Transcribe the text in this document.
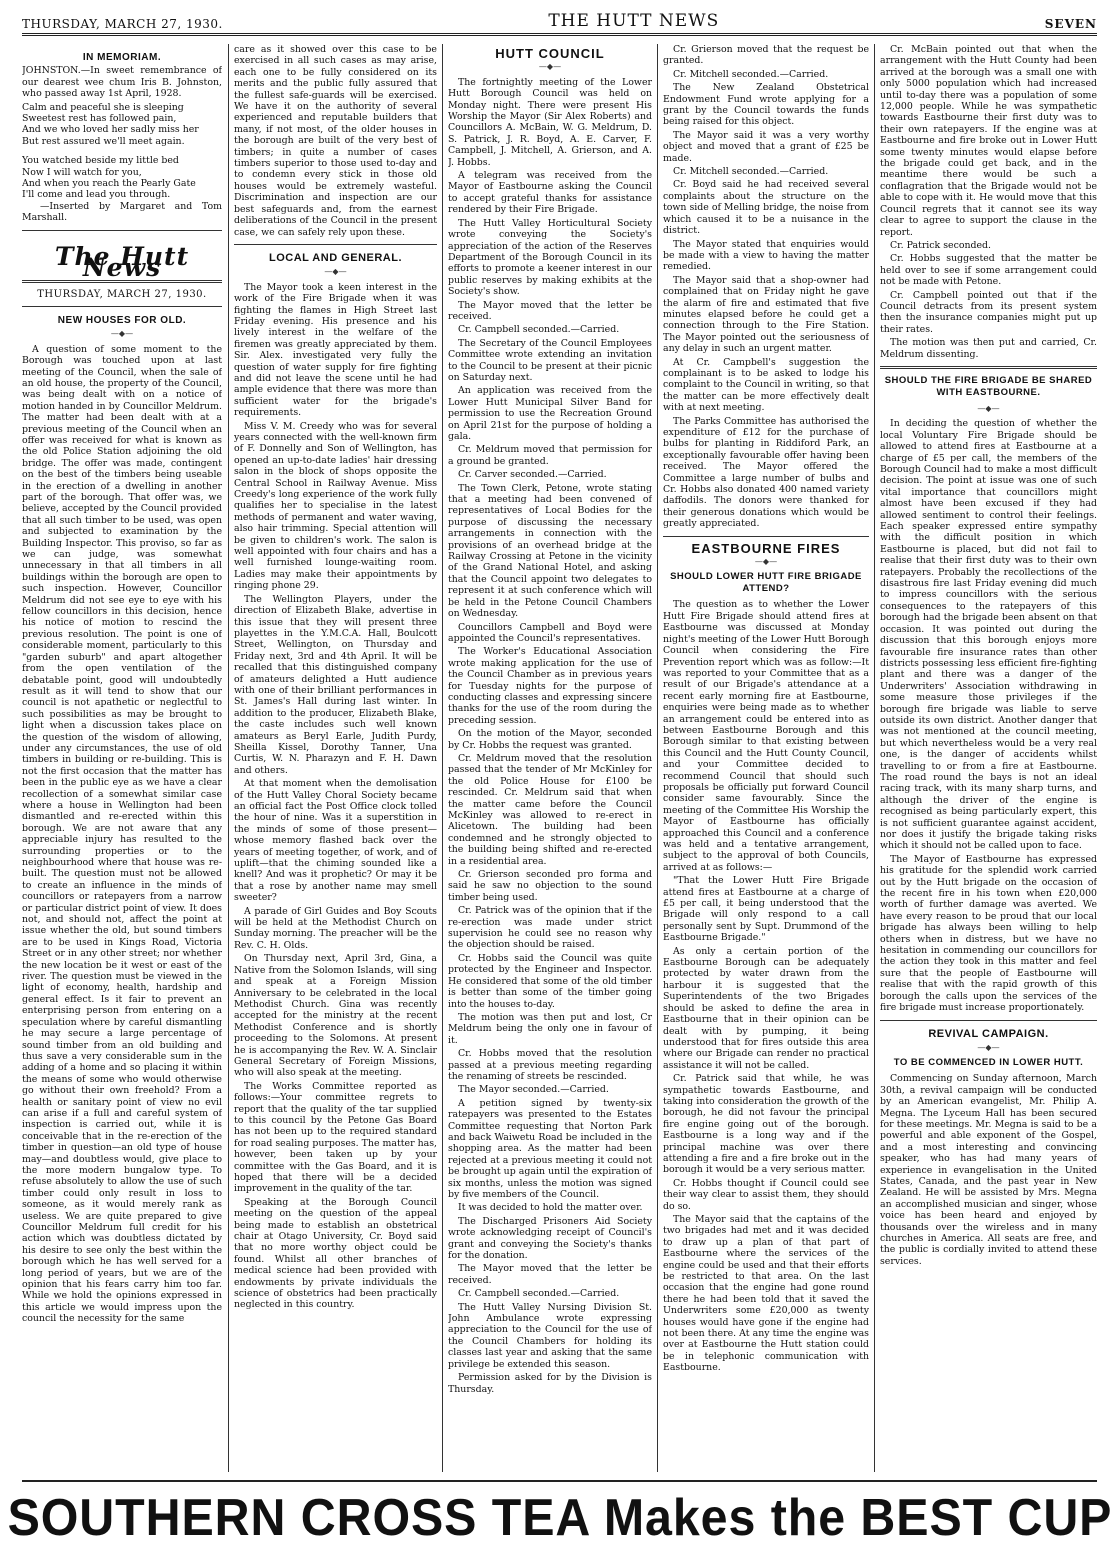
THURSDAY, MARCH 27, 1930.	THE HUTT NEWS	SEVEN
IN MEMORIAM.

JOHNSTON.—In sweet remembrance of our dearest wee chum Iris B. Johnston, who passed away 1st April, 1928.

Calm and peaceful she is sleeping

Sweetest rest has followed pain,

And we who loved her sadly miss her

But rest assured we'll meet again.

You watched beside my little bed

Now I will watch for you,

And when you reach the Pearly Gate

I'll come and lead you through.

—Inserted by Margaret and Tom Marshall.

The Hutt News
THURSDAY, MARCH 27, 1930.
NEW HOUSES FOR OLD.
—◆—

A question of some moment to the Borough was touched upon at last meeting of the Council, when the sale of an old house, the property of the Council, was being dealt with on a notice of motion handed in by Councillor Meldrum. The matter had been dealt with at a previous meeting of the Council when an offer was received for what is known as the old Police Station adjoining the old bridge. The offer was made, contingent on the best of the timbers being useable in the erection of a dwelling in another part of the borough. That offer was, we believe, accepted by the Council provided that all such timber to be used, was open and subjected to examination by the Building Inspector. This proviso, so far as we can judge, was somewhat unnecessary in that all timbers in all buildings within the borough are open to such inspection. However, Councillor Meldrum did not see eye to eye with his fellow councillors in this decision, hence his notice of motion to rescind the previous resolution. The point is one of considerable moment, particularly to this "garden suburb" and apart altogether from the open ventilation of the debatable point, good will undoubtedly result as it will tend to show that our council is not apathetic or neglectful to such possibilities as may be brought to light when a discussion takes place on the question of the wisdom of allowing, under any circumstances, the use of old timbers in building or re-building. This is not the first occasion that the matter has been in the public eye as we have a clear recollection of a somewhat similar case where a house in Wellington had been dismantled and re-erected within this borough. We are not aware that any appreciable injury has resulted to the surrounding properties or to the neighbourhood where that house was re-built. The question must not be allowed to create an influence in the minds of councillors or ratepayers from a narrow or particular district point of view. It does not, and should not, affect the point at issue whether the old, but sound timbers are to be used in Kings Road, Victoria Street or in any other street; nor whether the new location be it west or east of the river. The question must be viewed in the light of economy, health, hardship and general effect. Is it fair to prevent an enterprising person from entering on a speculation where by careful dismantling he may secure a large percentage of sound timber from an old building and thus save a very considerable sum in the adding of a home and so placing it within the means of some who would otherwise go without their own freehold? From a health or sanitary point of view no evil can arise if a full and careful system of inspection is carried out, while it is conceivable that in the re-erection of the timber in question—an old type of house may—and doubtless would, give place to the more modern bungalow type. To refuse absolutely to allow the use of such timber could only result in loss to someone, as it would merely rank as useless. We are quite prepared to give Councillor Meldrum full credit for his action which was doubtless dictated by his desire to see only the best within the borough which he has well served for a long period of years, but we are of the opinion that his fears carry him too far. While we hold the opinions expressed in this article we would impress upon the council the necessity for the same

care as it showed over this case to be exercised in all such cases as may arise, each one to be fully considered on its merits and the public fully assured that the fullest safe-guards will be exercised. We have it on the authority of several experienced and reputable builders that many, if not most, of the older houses in the borough are built of the very best of timbers; in quite a number of cases timbers superior to those used to-day and to condemn every stick in those old houses would be extremely wasteful. Discrimination and inspection are our best safeguards and, from the earnest deliberations of the Council in the present case, we can safely rely upon these.

LOCAL AND GENERAL.
—◆—

The Mayor took a keen interest in the work of the Fire Brigade when it was fighting the flames in High Street last Friday evening. His presence and his lively interest in the welfare of the firemen was greatly appreciated by them. Sir. Alex. investigated very fully the question of water supply for fire fighting and did not leave the scene until he had ample evidence that there was more than sufficient water for the brigade's requirements.

Miss V. M. Creedy who was for several years connected with the well-known firm of F. Donnelly and Son of Wellington, has opened an up-to-date ladies' hair dressing salon in the block of shops opposite the Central School in Railway Avenue. Miss Creedy's long experience of the work fully qualifies her to specialise in the latest methods of permanent and water waving, also hair trimming. Special attention will be given to children's work. The salon is well appointed with four chairs and has a well furnished lounge-waiting room. Ladies may make their appointments by ringing phone 29.

The Wellington Players, under the direction of Elizabeth Blake, advertise in this issue that they will present three playettes in the Y.M.C.A. Hall, Boulcott Street, Wellington, on Thursday and Friday next, 3rd and 4th April. It will be recalled that this distinguished company of amateurs delighted a Hutt audience with one of their brilliant performances in St. James's Hall during last winter. In addition to the producer, Elizabeth Blake, the caste includes such well known amateurs as Beryl Earle, Judith Purdy, Sheilla Kissel, Dorothy Tanner, Una Curtis, W. N. Pharazyn and F. H. Dawn and others.

At that moment when the demolisation of the Hutt Valley Choral Society became an official fact the Post Office clock tolled the hour of nine. Was it a superstition in the minds of some of those present—whose memory flashed back over the years of meeting together, of work, and of uplift—that the chiming sounded like a knell? And was it prophetic? Or may it be that a rose by another name may smell sweeter?

A parade of Girl Guides and Boy Scouts will be held at the Methodist Church on Sunday morning. The preacher will be the Rev. C. H. Olds.

On Thursday next, April 3rd, Gina, a Native from the Solomon Islands, will sing and speak at a Foreign Mission Anniversary to be celebrated in the local Methodist Church. Gina was recently accepted for the ministry at the recent Methodist Conference and is shortly proceeding to the Solomons. At present he is accompanying the Rev. W. A. Sinclair General Secretary of Foreign Missions, who will also speak at the meeting.

The Works Committee reported as follows:—Your committee regrets to report that the quality of the tar supplied to this council by the Petone Gas Board has not been up to the required standard for road sealing purposes. The matter has, however, been taken up by your committee with the Gas Board, and it is hoped that there will be a decided improvement in the quality of the tar.

Speaking at the Borough Council meeting on the question of the appeal being made to establish an obstetrical chair at Otago University, Cr. Boyd said that no more worthy object could be found. Whilst all other branches of medical science had been provided with endowments by private individuals the science of obstetrics had been practically neglected in this country.

HUTT COUNCIL
—◆—

The fortnightly meeting of the Lower Hutt Borough Council was held on Monday night. There were present His Worship the Mayor (Sir Alex Roberts) and Councillors A. McBain, W. G. Meldrum, D. S. Patrick, J. R. Boyd, A. E. Carver, F. Campbell, J. Mitchell, A. Grierson, and A. J. Hobbs.

A telegram was received from the Mayor of Eastbourne asking the Council to accept grateful thanks for assistance rendered by their Fire Brigade.

The Hutt Valley Horticultural Society wrote conveying the Society's appreciation of the action of the Reserves Department of the Borough Council in its efforts to promote a keener interest in our public reserves by making exhibits at the Society's show.

The Mayor moved that the letter be received.

Cr. Campbell seconded.—Carried.

The Secretary of the Council Employees Committee wrote extending an invitation to the Council to be present at their picnic on Saturday next.

An application was received from the Lower Hutt Municipal Silver Band for permission to use the Recreation Ground on April 21st for the purpose of holding a gala.

Cr. Meldrum moved that permission for a ground be granted.

Cr. Carver seconded.—Carried.

The Town Clerk, Petone, wrote stating that a meeting had been convened of representatives of Local Bodies for the purpose of discussing the necessary arrangements in connection with the provisions of an overhead bridge at the Railway Crossing at Petone in the vicinity of the Grand National Hotel, and asking that the Council appoint two delegates to represent it at such conference which will be held in the Petone Council Chambers on Wednesday.

Councillors Campbell and Boyd were appointed the Council's representatives.

The Worker's Educational Association wrote making application for the use of the Council Chamber as in previous years for Tuesday nights for the purpose of conducting classes and expressing sincere thanks for the use of the room during the preceding session.

On the motion of the Mayor, seconded by Cr. Hobbs the request was granted.

Cr. Meldrum moved that the resolution passed that the tender of Mr McKinley for the old Police House for £100 be rescinded. Cr. Meldrum said that when the matter came before the Council McKinley was allowed to re-erect in Alicetown. The building had been condemned and he strongly objected to the building being shifted and re-erected in a residential area.

Cr. Grierson seconded pro forma and said he saw no objection to the sound timber being used.

Cr. Patrick was of the opinion that if the re-erection was made under strict supervision he could see no reason why the objection should be raised.

Cr. Hobbs said the Council was quite protected by the Engineer and Inspector. He considered that some of the old timber is better than some of the timber going into the houses to-day.

The motion was then put and lost, Cr Meldrum being the only one in favour of it.

Cr. Hobbs moved that the resolution passed at a previous meeting regarding the renaming of streets be rescinded.

The Mayor seconded.—Carried.

A petition signed by twenty-six ratepayers was presented to the Estates Committee requesting that Norton Park and back Waiwetu Road be included in the shopping area. As the matter had been rejected at a previous meeting it could not be brought up again until the expiration of six months, unless the motion was signed by five members of the Council.

It was decided to hold the matter over.

The Discharged Prisoners Aid Society wrote acknowledging receipt of Council's grant and conveying the Society's thanks for the donation.

The Mayor moved that the letter be received.

Cr. Campbell seconded.—Carried.

The Hutt Valley Nursing Division St. John Ambulance wrote expressing appreciation to the Council for the use of the Council Chambers for holding its classes last year and asking that the same privilege be extended this season.

Permission asked for by the Division is Thursday.

Cr. Grierson moved that the request be granted.

Cr. Mitchell seconded.—Carried.

The New Zealand Obstetrical Endowment Fund wrote applying for a grant by the Council towards the funds being raised for this object.

The Mayor said it was a very worthy object and moved that a grant of £25 be made.

Cr. Mitchell seconded.—Carried.

Cr. Boyd said he had received several complaints about the structure on the town side of Melling bridge, the noise from which caused it to be a nuisance in the district.

The Mayor stated that enquiries would be made with a view to having the matter remedied.

The Mayor said that a shop-owner had complained that on Friday night he gave the alarm of fire and estimated that five minutes elapsed before he could get a connection through to the Fire Station. The Mayor pointed out the seriousness of any delay in such an urgent matter.

At Cr. Campbell's suggestion the complainant is to be asked to lodge his complaint to the Council in writing, so that the matter can be more effectively dealt with at next meeting.

The Parks Committee has authorised the expenditure of £12 for the purchase of bulbs for planting in Riddiford Park, an exceptionally favourable offer having been received. The Mayor offered the Committee a large number of bulbs and Cr. Hobbs also donated 400 named variety daffodils. The donors were thanked for their generous donations which would be greatly appreciated.

EASTBOURNE FIRES
—◆—
SHOULD LOWER HUTT FIRE BRIGADE ATTEND?

The question as to whether the Lower Hutt Fire Brigade should attend fires at Eastbourne was discussed at Monday night's meeting of the Lower Hutt Borough Council when considering the Fire Prevention report which was as follow:—It was reported to your Committee that as a result of our Brigade's attendance at a recent early morning fire at Eastbourne, enquiries were being made as to whether an arrangement could be entered into as between Eastbourne Borough and this Borough similar to that existing between this Council and the Hutt County Council, and your Committee decided to recommend Council that should such proposals be officially put forward Council consider same favourably. Since the meeting of the Committee His Worship the Mayor of Eastbourne has officially approached this Council and a conference was held and a tentative arrangement, subject to the approval of both Councils, arrived at as follows:—

"That the Lower Hutt Fire Brigade attend fires at Eastbourne at a charge of £5 per call, it being understood that the Brigade will only respond to a call personally sent by Supt. Drummond of the Eastbourne Brigade."

As only a certain portion of the Eastbourne Borough can be adequately protected by water drawn from the harbour it is suggested that the Superintendents of the two Brigades should be asked to define the area in Eastbourne that in their opinion can be dealt with by pumping, it being understood that for fires outside this area where our Brigade can render no practical assistance it will not be called.

Cr. Patrick said that while, he was sympathetic towards Eastbourne, and taking into consideration the growth of the borough, he did not favour the principal fire engine going out of the borough. Eastbourne is a long way and if the principal machine was over there attending a fire and a fire broke out in the borough it would be a very serious matter.

Cr. Hobbs thought if Council could see their way clear to assist them, they should do so.

The Mayor said that the captains of the two brigades had met and it was decided to draw up a plan of that part of Eastbourne where the services of the engine could be used and that their efforts be restricted to that area. On the last occasion that the engine had gone round there he had been told that it saved the Underwriters some £20,000 as twenty houses would have gone if the engine had not been there. At any time the engine was over at Eastbourne the Hutt station could be in telephonic communication with Eastbourne.

Cr. McBain pointed out that when the arrangement with the Hutt County had been arrived at the borough was a small one with only 5000 population which had increased until to-day there was a population of some 12,000 people. While he was sympathetic towards Eastbourne their first duty was to their own ratepayers. If the engine was at Eastbourne and fire broke out in Lower Hutt some twenty minutes would elapse before the brigade could get back, and in the meantime there would be such a conflagration that the Brigade would not be able to cope with it. He would move that this Council regrets that it cannot see its way clear to agree to support the clause in the report.

Cr. Patrick seconded.

Cr. Hobbs suggested that the matter be held over to see if some arrangement could not be made with Petone.

Cr. Campbell pointed out that if the Council detracts from its present system then the insurance companies might put up their rates.

The motion was then put and carried, Cr. Meldrum dissenting.

SHOULD THE FIRE BRIGADE BE SHARED WITH EASTBOURNE.
—◆—

In deciding the question of whether the local Voluntary Fire Brigade should be allowed to attend fires at Eastbourne at a charge of £5 per call, the members of the Borough Council had to make a most difficult decision. The point at issue was one of such vital importance that councillors might almost have been excused if they had allowed sentiment to control their feelings. Each speaker expressed entire sympathy with the difficult position in which Eastbourne is placed, but did not fail to realise that their first duty was to their own ratepayers. Probably the recollections of the disastrous fire last Friday evening did much to impress councillors with the serious consequences to the ratepayers of this borough had the brigade been absent on that occasion. It was pointed out during the discussion that this borough enjoys more favourable fire insurance rates than other districts possessing less efficient fire-fighting plant and there was a danger of the Underwriters' Association withdrawing in some measure those privileges if the borough fire brigade was liable to serve outside its own district. Another danger that was not mentioned at the council meeting, but which nevertheless would be a very real one, is the danger of accidents whilst travelling to or from a fire at Eastbourne. The road round the bays is not an ideal racing track, with its many sharp turns, and although the driver of the engine is recognised as being particularly expert, this is not sufficient guarantee against accident, nor does it justify the brigade taking risks which it should not be called upon to face.

The Mayor of Eastbourne has expressed his gratitude for the splendid work carried out by the Hutt brigade on the occasion of the recent fire in his town when £20,000 worth of further damage was averted. We have every reason to be proud that our local brigade has always been willing to help others when in distress, but we have no hesitation in commending our councillors for the action they took in this matter and feel sure that the people of Eastbourne will realise that with the rapid growth of this borough the calls upon the services of the fire brigade must increase proportionately.

REVIVAL CAMPAIGN.
—◆—
TO BE COMMENCED IN LOWER HUTT.

Commencing on Sunday afternoon, March 30th, a revival campaign will be conducted by an American evangelist, Mr. Philip A. Megna. The Lyceum Hall has been secured for these meetings. Mr. Megna is said to be a powerful and able exponent of the Gospel, and a most interesting and convincing speaker, who has had many years of experience in evangelisation in the United States, Canada, and the past year in New Zealand. He will be assisted by Mrs. Megna an accomplished musician and singer, whose voice has been heard and enjoyed by thousands over the wireless and in many churches in America. All seats are free, and the public is cordially invited to attend these services.

SOUTHERN CROSS TEA Makes the BEST CUP
